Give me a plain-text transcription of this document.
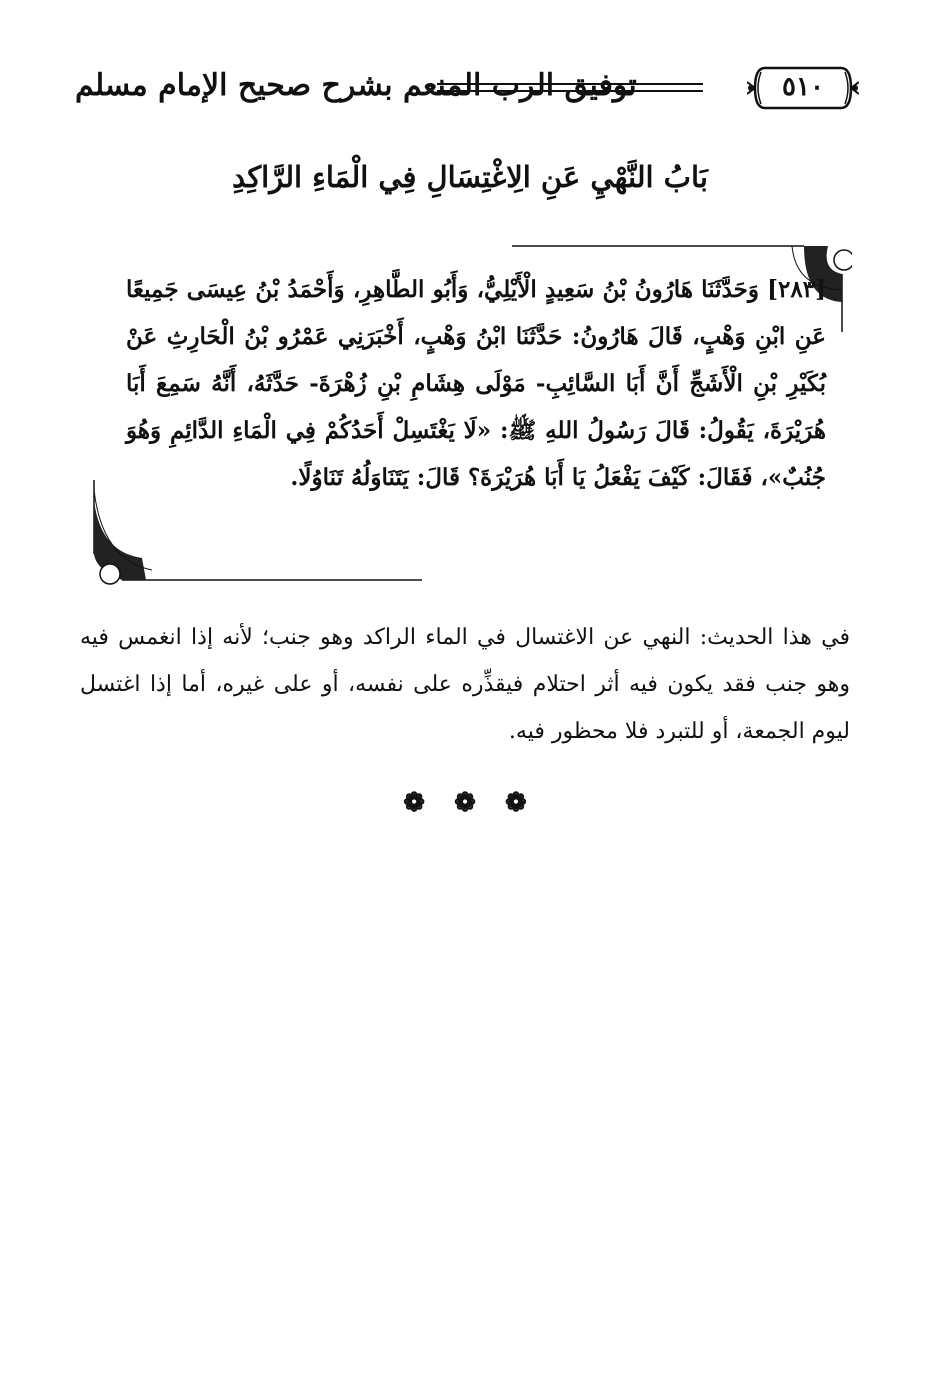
توفيق الرب المنعم بشرح صحيح الإمام مسلم	٥١٠
بَابُ النَّهْيِ عَنِ الِاغْتِسَالِ فِي الْمَاءِ الرَّاكِدِ
[٢٨٣] وَحَدَّثَنَا هَارُونُ بْنُ سَعِيدٍ الْأَيْلِيُّ، وَأَبُو الطَّاهِرِ، وَأَحْمَدُ بْنُ عِيسَى جَمِيعًا عَنِ ابْنِ وَهْبٍ، قَالَ هَارُونُ: حَدَّثَنَا ابْنُ وَهْبٍ، أَخْبَرَنِي عَمْرُو بْنُ الْحَارِثِ عَنْ بُكَيْرِ بْنِ الْأَشَجِّ أَنَّ أَبَا السَّائِبِ- مَوْلَى هِشَامِ بْنِ زُهْرَةَ- حَدَّثَهُ، أَنَّهُ سَمِعَ أَبَا هُرَيْرَةَ، يَقُولُ: قَالَ رَسُولُ اللهِ ﷺ: «لَا يَغْتَسِلْ أَحَدُكُمْ فِي الْمَاءِ الدَّائِمِ وَهُوَ جُنُبٌ»، فَقَالَ: كَيْفَ يَفْعَلُ يَا أَبَا هُرَيْرَةَ؟ قَالَ: يَتَنَاوَلُهُ تَنَاوُلًا.
في هذا الحديث: النهي عن الاغتسال في الماء الراكد وهو جنب؛ لأنه إذا انغمس فيه وهو جنب فقد يكون فيه أثر احتلام فيقذِّره على نفسه، أو على غيره، أما إذا اغتسل ليوم الجمعة، أو للتبرد فلا محظور فيه.
❁ ❁ ❁
